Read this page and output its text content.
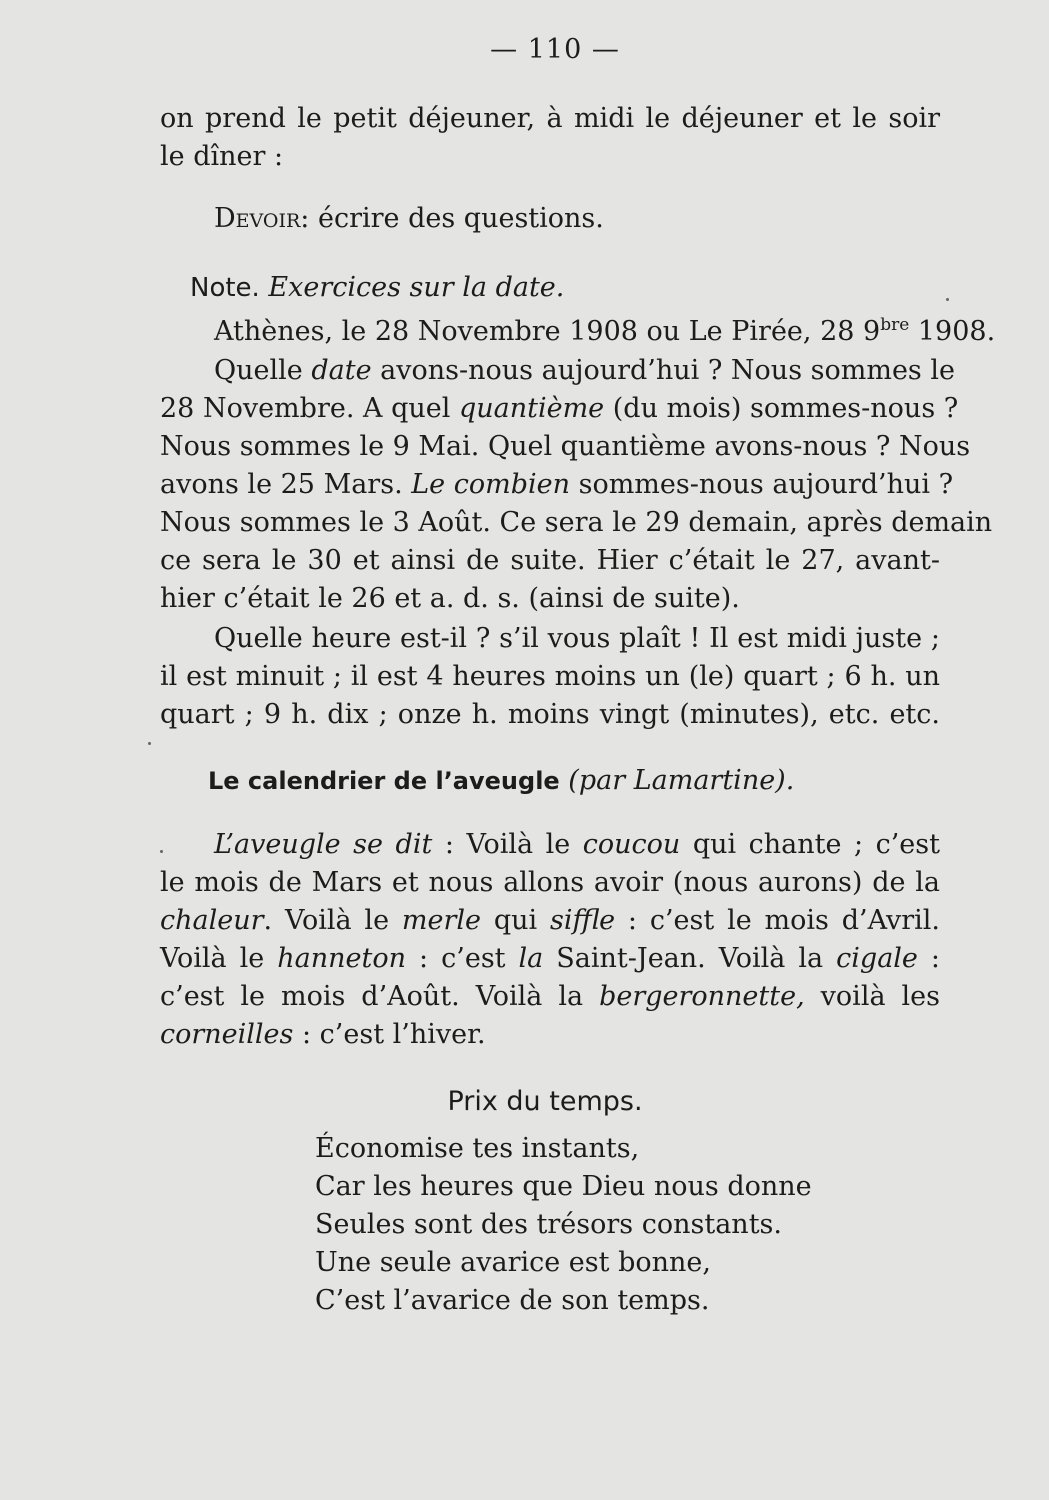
— 110 —
on prend le petit déjeuner, à midi le déjeuner et le soir
le dîner :
Devoir: écrire des questions.
Note. Exercices sur la date.
Athènes, le 28 Novembre 1908 ou Le Pirée, 28 $9^{bre}$ 1908.
Quelle date avons-nous aujourd’hui ? Nous sommes le
28 Novembre. A quel quantième (du mois) sommes-nous ?
Nous sommes le 9 Mai. Quel quantième avons-nous ? Nous
avons le 25 Mars. Le combien sommes-nous aujourd’hui ?
Nous sommes le 3 Août. Ce sera le 29 demain, après demain
ce sera le 30 et ainsi de suite. Hier c’était le 27, avant-
hier c’était le 26 et a. d. s. (ainsi de suite).
Quelle heure est-il ? s’il vous plaît ! Il est midi juste ;
il est minuit ; il est 4 heures moins un (le) quart ; 6 h. un
quart ; 9 h. dix ; onze h. moins vingt (minutes), etc. etc.
Le calendrier de l’aveugle (par Lamartine).
L’aveugle se dit : Voilà le coucou qui chante ; c’est
le mois de Mars et nous allons avoir (nous aurons) de la
chaleur. Voilà le merle qui siffle : c’est le mois d’Avril.
Voilà le hanneton : c’est la Saint-Jean. Voilà la cigale :
c’est le mois d’Août. Voilà la bergeronnette, voilà les
corneilles : c’est l’hiver.
Prix du temps.
Économise tes instants,
Car les heures que Dieu nous donne
Seules sont des trésors constants.
Une seule avarice est bonne,
C’est l’avarice de son temps.
